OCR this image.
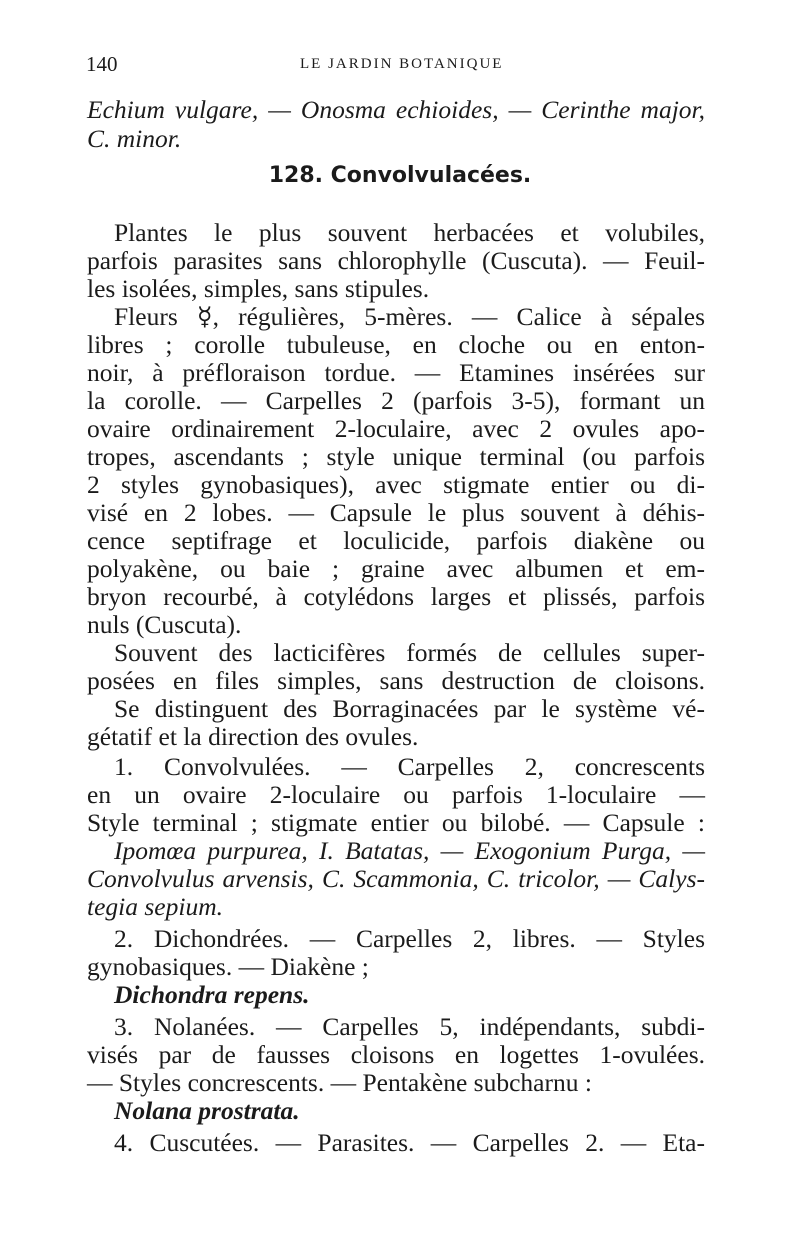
140	LE JARDIN BOTANIQUE
Echium vulgare, — Onosma echioides, — Cerinthe major,
C. minor.
128. Convolvulacées.
Plantes le plus souvent herbacées et volubiles,
parfois parasites sans chlorophylle (Cuscuta). — Feuil-
les isolées, simples, sans stipules.
Fleurs ☿, régulières, 5-mères. — Calice à sépales
libres ; corolle tubuleuse, en cloche ou en enton-
noir, à préfloraison tordue. — Etamines insérées sur
la corolle. — Carpelles 2 (parfois 3-5), formant un
ovaire ordinairement 2-loculaire, avec 2 ovules apo-
tropes, ascendants ; style unique terminal (ou parfois
2 styles gynobasiques), avec stigmate entier ou di-
visé en 2 lobes. — Capsule le plus souvent à déhis-
cence septifrage et loculicide, parfois diakène ou
polyakène, ou baie ; graine avec albumen et em-
bryon recourbé, à cotylédons larges et plissés, parfois
nuls (Cuscuta).
Souvent des lacticifères formés de cellules super-
posées en files simples, sans destruction de cloisons.
Se distinguent des Borraginacées par le système vé-
gétatif et la direction des ovules.
1. Convolvulées. — Carpelles 2, concrescents
en un ovaire 2-loculaire ou parfois 1-loculaire —
Style terminal ; stigmate entier ou bilobé. — Capsule :
Ipomœa purpurea, I. Batatas, — Exogonium Purga, —
Convolvulus arvensis, C. Scammonia, C. tricolor, — Calys-
tegia sepium.
2. Dichondrées. — Carpelles 2, libres. — Styles
gynobasiques. — Diakène ;
Dichondra repens.
3. Nolanées. — Carpelles 5, indépendants, subdi-
visés par de fausses cloisons en logettes 1-ovulées.
— Styles concrescents. — Pentakène subcharnu :
Nolana prostrata.
4. Cuscutées. — Parasites. — Carpelles 2. — Eta-
